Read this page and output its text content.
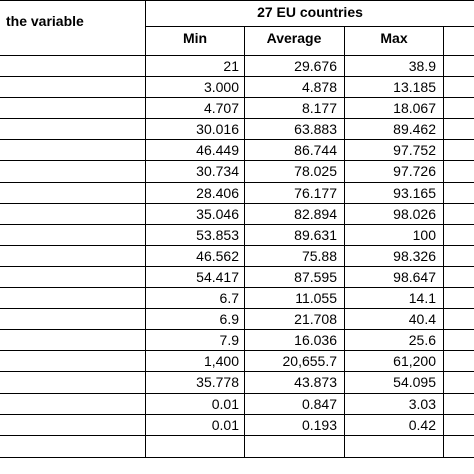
the variable
27 EU countries
Min	Average	Max
21	29.676	38.9
3.000	4.878	13.185
4.707	8.177	18.067
30.016	63.883	89.462
46.449	86.744	97.752
30.734	78.025	97.726
28.406	76.177	93.165
35.046	82.894	98.026
53.853	89.631	100
46.562	75.88	98.326
54.417	87.595	98.647
6.7	11.055	14.1
6.9	21.708	40.4
7.9	16.036	25.6
1,400	20,655.7	61,200
35.778	43.873	54.095
0.01	0.847	3.03
0.01	0.193	0.42
